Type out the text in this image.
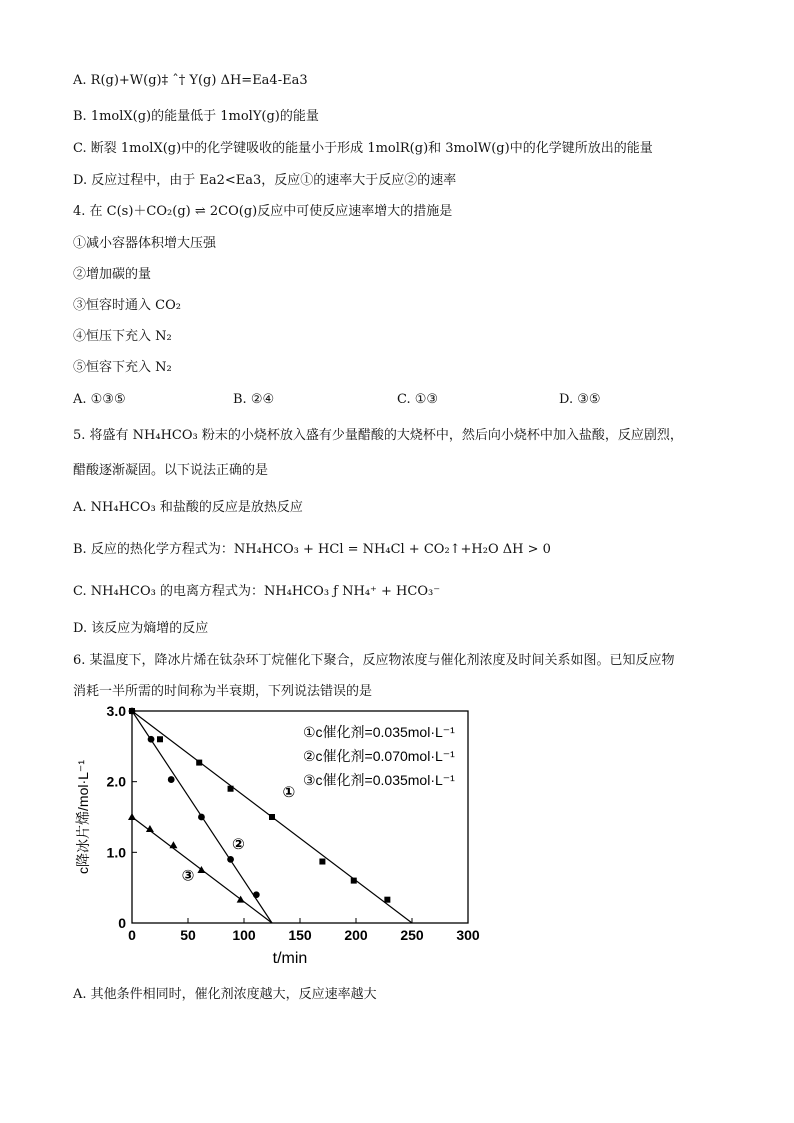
A. R(g)+W(g)‡ ˆ† Y(g) ΔH=Ea4-Ea3
B. 1molX(g)的能量低于 1molY(g)的能量
C. 断裂 1molX(g)中的化学键吸收的能量小于形成 1molR(g)和 3molW(g)中的化学键所放出的能量
D. 反应过程中，由于 Ea2<Ea3，反应①的速率大于反应②的速率
4. 在 C(s)＋CO₂(g) ⇌ 2CO(g)反应中可使反应速率增大的措施是
①减小容器体积增大压强
②增加碳的量
③恒容时通入 CO₂
④恒压下充入 N₂
⑤恒容下充入 N₂
A. ①③⑤	B. ②④	C. ①③	D. ③⑤
5. 将盛有 NH₄HCO₃ 粉末的小烧杯放入盛有少量醋酸的大烧杯中，然后向小烧杯中加入盐酸，反应剧烈，
醋酸逐渐凝固。以下说法正确的是
A. NH₄HCO₃ 和盐酸的反应是放热反应
B. 反应的热化学方程式为：NH₄HCO₃ + HCl = NH₄Cl + CO₂↑+H₂O ΔH > 0
C. NH₄HCO₃ 的电离方程式为：NH₄HCO₃ ƒ NH₄⁺ + HCO₃⁻
D. 该反应为熵增的反应
6. 某温度下，降冰片烯在钛杂环丁烷催化下聚合，反应物浓度与催化剂浓度及时间关系如图。已知反应物
消耗一半所需的时间称为半衰期，下列说法错误的是
0	50	100 150 200 250 300
0
1.0
2.0
3.0
t/min
c降冰片烯/mol·L⁻¹	①
②
③
①c催化剂=0.035mol·L⁻¹
②c催化剂=0.070mol·L⁻¹
③c催化剂=0.035mol·L⁻¹
A. 其他条件相同时，催化剂浓度越大，反应速率越大
